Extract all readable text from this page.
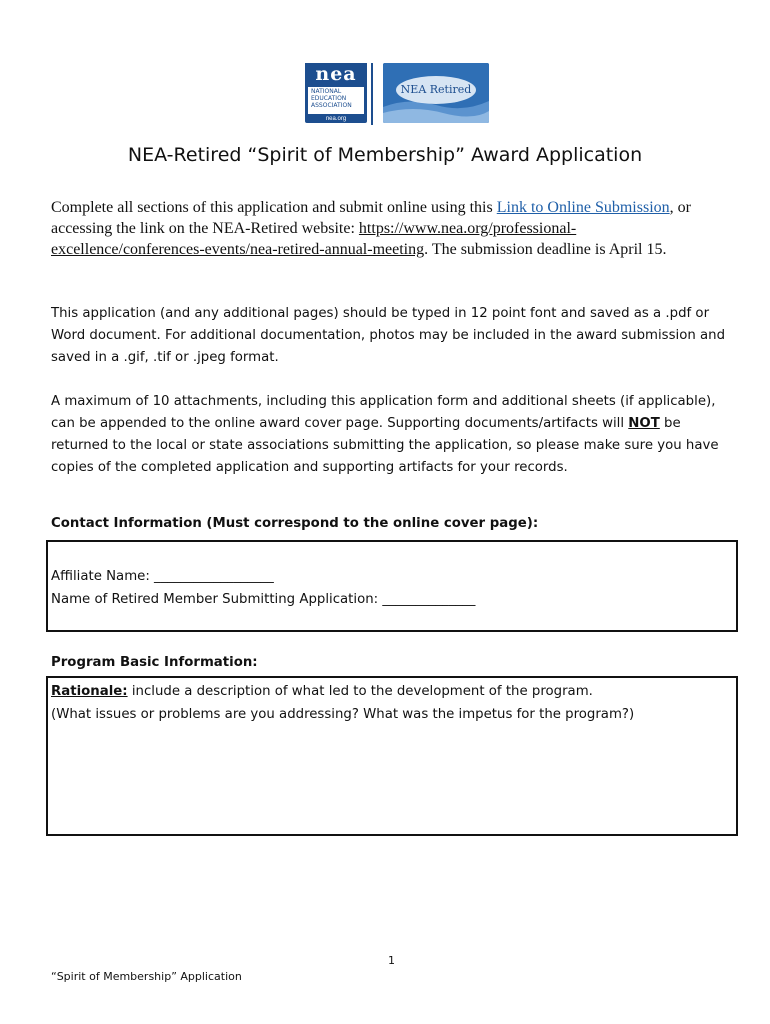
nea
NATIONAL
EDUCATION
ASSOCIATION
nea.org
NEA Retired
NEA-Retired “Spirit of Membership” Award Application
Complete all sections of this application and submit online using this Link to Online Submission, or accessing the link on the NEA-Retired website: https://www.nea.org/professional-excellence/conferences-events/nea-retired-annual-meeting. The submission deadline is April 15.
This application (and any additional pages) should be typed in 12 point font and saved as a .pdf or Word document. For additional documentation, photos may be included in the award submission and saved in a .gif, .tif or .jpeg format.
A maximum of 10 attachments, including this application form and additional sheets (if applicable), can be appended to the online award cover page. Supporting documents/artifacts will NOT be returned to the local or state associations submitting the application, so please make sure you have copies of the completed application and supporting artifacts for your records.
Contact Information (Must correspond to the online cover page):
Affiliate Name: __________________
Name of Retired Member Submitting Application: ______________
Program Basic Information:
Rationale: include a description of what led to the development of the program.
(What issues or problems are you addressing? What was the impetus for the program?)
1
“Spirit of Membership” Application
